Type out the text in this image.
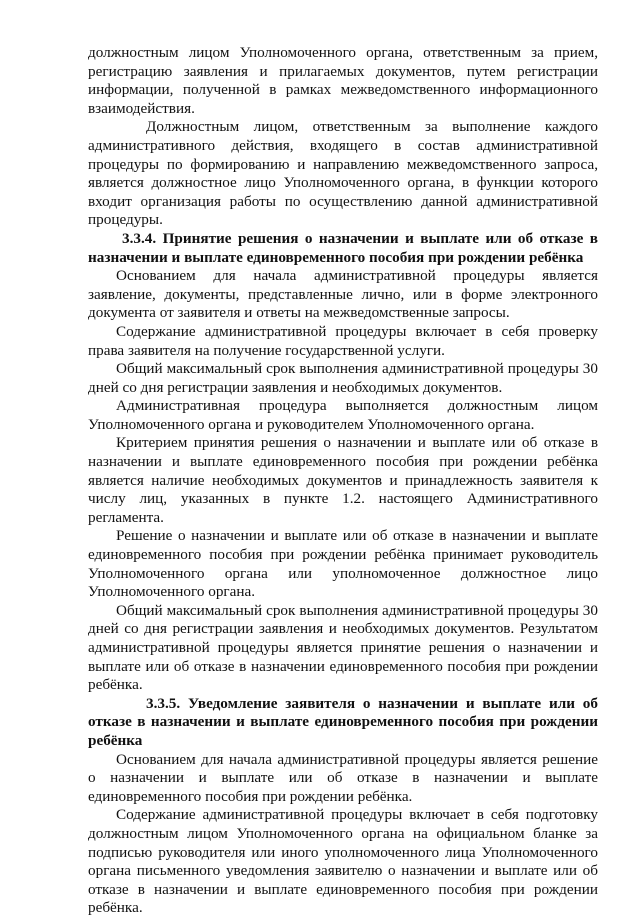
должностным лицом Уполномоченного органа, ответственным за прием, регистрацию заявления и прилагаемых документов, путем регистрации информации, полученной в рамках межведомственного информационного взаимодействия.

Должностным лицом, ответственным за выполнение каждого административного действия, входящего в состав административной процедуры по формированию и направлению межведомственного запроса, является должностное лицо Уполномоченного органа, в функции которого входит организация работы по осуществлению данной административной процедуры.

3.3.4. Принятие решения о назначении и выплате или об отказе в назначении и выплате единовременного пособия при рождении ребёнка

Основанием для начала административной процедуры является заявление, документы, представленные лично, или в форме электронного документа от заявителя и ответы на межведомственные запросы.

Содержание административной процедуры включает в себя проверку права заявителя на получение государственной услуги.

Общий максимальный срок выполнения административной процедуры 30 дней со дня регистрации заявления и необходимых документов.

Административная процедура выполняется должностным лицом Уполномоченного органа и руководителем Уполномоченного органа.

Критерием принятия решения о назначении и выплате или об отказе в назначении и выплате единовременного пособия при рождении ребёнка является наличие необходимых документов и принадлежность заявителя к числу лиц, указанных в пункте 1.2. настоящего Административного регламента.

Решение о назначении и выплате или об отказе в назначении и выплате единовременного пособия при рождении ребёнка принимает руководитель Уполномоченного органа или уполномоченное должностное лицо Уполномоченного органа.

Общий максимальный срок выполнения административной процедуры 30 дней со дня регистрации заявления и необходимых документов. Результатом административной процедуры является принятие решения о назначении и выплате или об отказе в назначении единовременного пособия при рождении ребёнка.

3.3.5. Уведомление заявителя о назначении и выплате или об отказе в назначении и выплате единовременного пособия при рождении ребёнка

Основанием для начала административной процедуры является решение о назначении и выплате или об отказе в назначении и выплате единовременного пособия при рождении ребёнка.

Содержание административной процедуры включает в себя подготовку должностным лицом Уполномоченного органа на официальном бланке за подписью руководителя или иного уполномоченного лица Уполномоченного органа письменного уведомления заявителю о назначении и выплате или об отказе в назначении и выплате единовременного пособия при рождении ребёнка.
